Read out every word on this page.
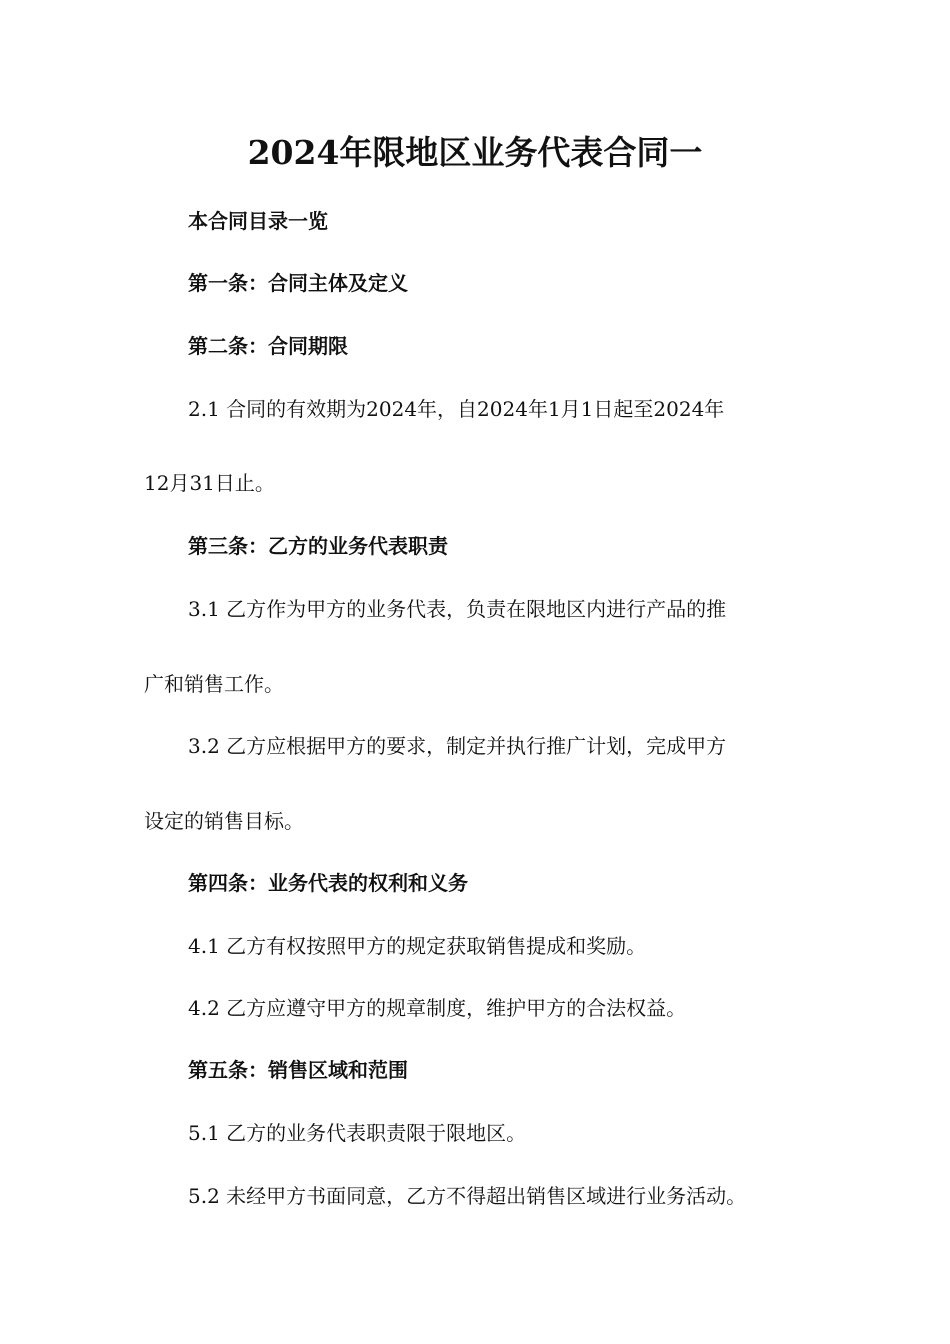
2024年限地区业务代表合同一
本合同目录一览
第一条：合同主体及定义
第二条：合同期限
2.1 合同的有效期为2024年，自2024年1月1日起至2024年
12月31日止。
第三条：乙方的业务代表职责
3.1 乙方作为甲方的业务代表，负责在限地区内进行产品的推
广和销售工作。
3.2 乙方应根据甲方的要求，制定并执行推广计划，完成甲方
设定的销售目标。
第四条：业务代表的权利和义务
4.1 乙方有权按照甲方的规定获取销售提成和奖励。
4.2 乙方应遵守甲方的规章制度，维护甲方的合法权益。
第五条：销售区域和范围
5.1 乙方的业务代表职责限于限地区。
5.2 未经甲方书面同意，乙方不得超出销售区域进行业务活动。
